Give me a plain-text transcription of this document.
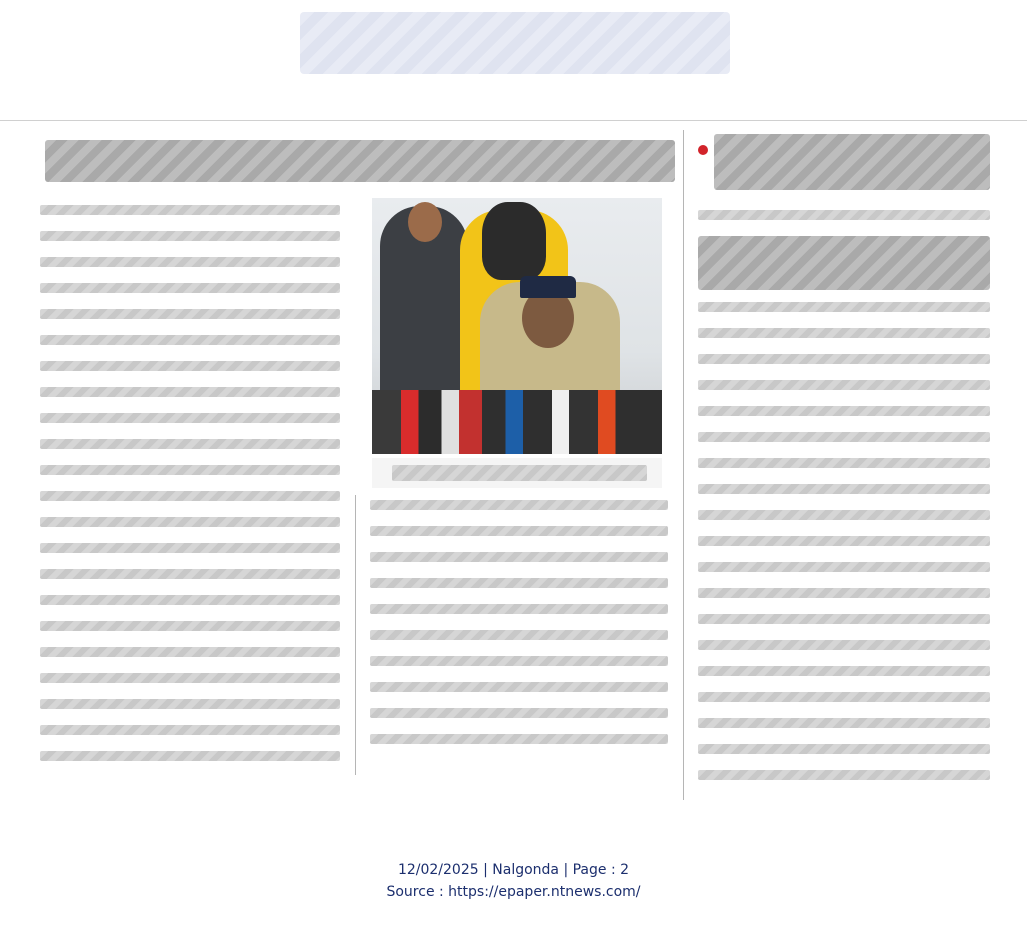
12/02/2025 | Nalgonda | Page : 2
Source : https://epaper.ntnews.com/
